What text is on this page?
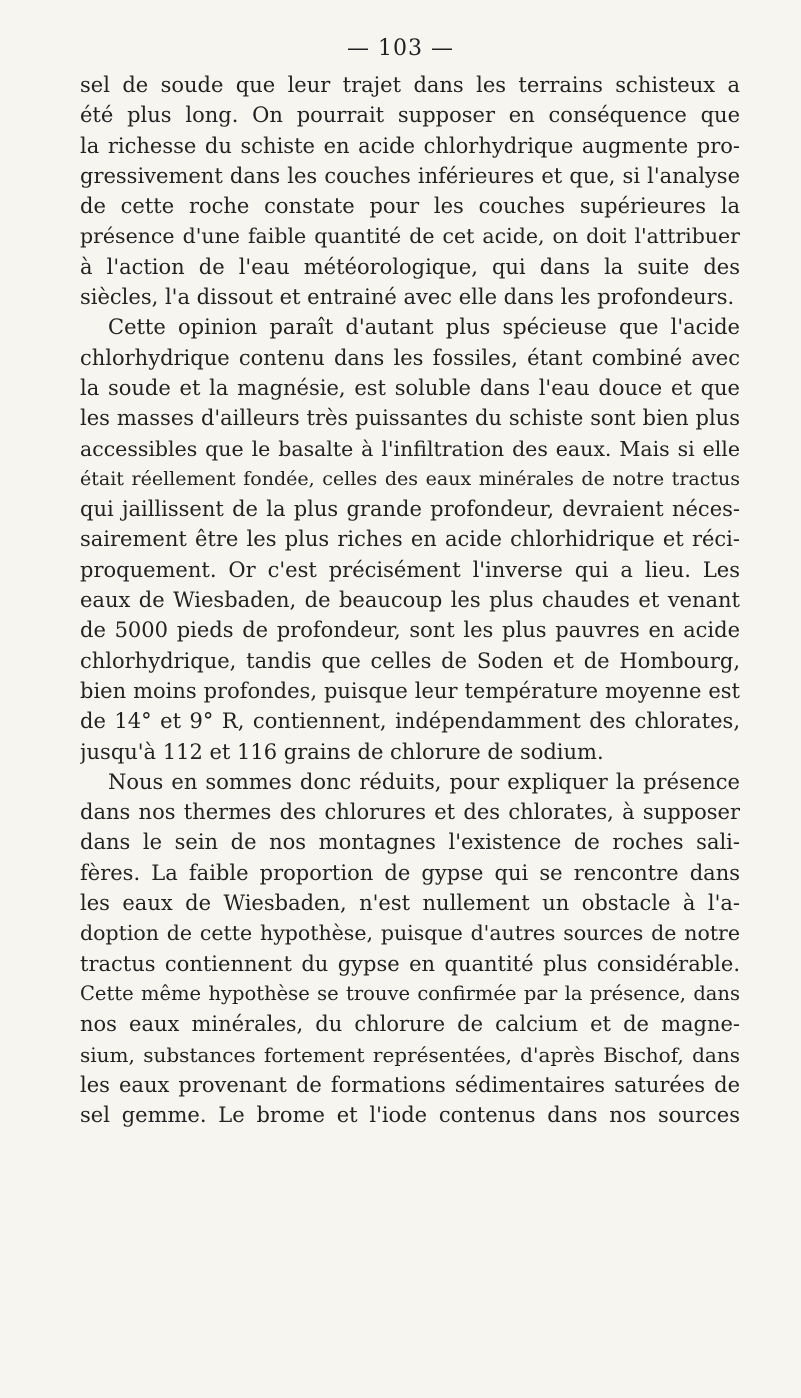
— 103 —
sel de soude que leur trajet dans les terrains schisteux a
été plus long. On pourrait supposer en conséquence que
la richesse du schiste en acide chlorhydrique augmente pro-
gressivement dans les couches inférieures et que, si l'analyse
de cette roche constate pour les couches supérieures la
présence d'une faible quantité de cet acide, on doit l'attribuer
à l'action de l'eau météorologique, qui dans la suite des
siècles, l'a dissout et entrainé avec elle dans les profondeurs.
Cette opinion paraît d'autant plus spécieuse que l'acide
chlorhydrique contenu dans les fossiles, étant combiné avec
la soude et la magnésie, est soluble dans l'eau douce et que
les masses d'ailleurs très puissantes du schiste sont bien plus
accessibles que le basalte à l'infiltration des eaux. Mais si elle
était réellement fondée, celles des eaux minérales de notre tractus
qui jaillissent de la plus grande profondeur, devraient néces-
sairement être les plus riches en acide chlorhidrique et réci-
proquement. Or c'est précisément l'inverse qui a lieu. Les
eaux de Wiesbaden, de beaucoup les plus chaudes et venant
de 5000 pieds de profondeur, sont les plus pauvres en acide
chlorhydrique, tandis que celles de Soden et de Hombourg,
bien moins profondes, puisque leur température moyenne est
de 14° et 9° R, contiennent, indépendamment des chlorates,
jusqu'à 112 et 116 grains de chlorure de sodium.
Nous en sommes donc réduits, pour expliquer la présence
dans nos thermes des chlorures et des chlorates, à supposer
dans le sein de nos montagnes l'existence de roches sali-
fères. La faible proportion de gypse qui se rencontre dans
les eaux de Wiesbaden, n'est nullement un obstacle à l'a-
doption de cette hypothèse, puisque d'autres sources de notre
tractus contiennent du gypse en quantité plus considérable.
Cette même hypothèse se trouve confirmée par la présence, dans
nos eaux minérales, du chlorure de calcium et de magne-
sium, substances fortement représentées, d'après Bischof, dans
les eaux provenant de formations sédimentaires saturées de
sel gemme. Le brome et l'iode contenus dans nos sources
